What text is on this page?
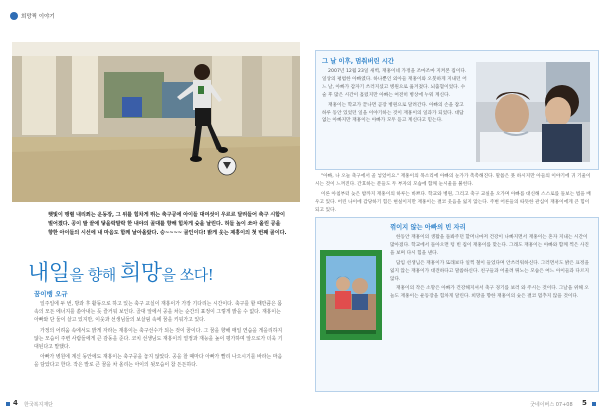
희망찍 이야기
햇빛이 맹렬 내리쬐는 운동장, 그 위를 힘차게 뛰는 축구공에 아이들 대여섯이 우르르 달려들어 축구 시합이
벌어졌다. 공이 발 끝에 닿을락말락 한 내야의 골대를 향해 힘차게 슛을 날린다. 허들 높이 쏘아 올린 공을
향한 아이들의 시선에 내 마음도 함께 날아올랐다. 승~~~~ 골인이다! 밝게 웃는 제홍이의 첫 번째 골이다.
내일을 향해 희망을 쏘다!
꿈이뱅 오규

일주일에 두 번, 방과 후 활동으로 하고 있는 축구 교실이 재홍이가 가장 기다리는 시간이다. 축구를 할 때만큼은 몸 속의 모든 에너지를 쏟아내는 듯 즐거워 보인다. 골대 앞에서 공을 차는 순간의 표정이 그렇게 밝을 수 없다. 재홍이는 아빠와 단 둘이 살고 있지만, 이웃과 선생님들의 보살핌 속에 꿈을 키워가고 있다.

가정의 어려움 속에서도 밝게 자라는 재홍이는 축구선수가 되는 것이 꿈이다. 그 꿈을 향해 매일 연습을 게을리하지 않는 모습이 주변 사람들에게 큰 감동을 준다. 코치 선생님도 재홍이의 열정과 재능을 높이 평가하며 앞으로가 더욱 기대된다고 말했다.

아빠가 병원에 계신 동안에도 재홍이는 축구공을 놓지 않았다. 공을 찰 때마다 아빠가 빨리 나으시기를 바라는 마음을 담았다고 한다. 작은 발로 큰 꿈을 차 올리는 아이의 뒷모습이 참 든든하다.

4 한국복지재단
그 날 이후, 멈춰버린 시간

2007년 12월 23일 새벽, 재홍이네 가정을 조마조마 지켜본 집이다. 일상의 평범한 아빠였다. 하나뿐인 외아들 재홍이와 오붓하게 지내던 어느 날, 아빠가 갑자기 쓰러지셨고 병원으로 옮겨졌다. 뇌출혈이었다. 수술 후 많은 시간이 흘렀지만 아빠는 여전히 병상에 누워 계신다.

재홍이는 학교가 끝나면 곧장 병원으로 달려간다. 아빠의 손을 잡고 하루 동안 있었던 일을 이야기하는 것이 재홍이의 일과가 되었다. 대답 없는 아빠지만 재홍이는 아빠가 모두 듣고 계신다고 믿는다.

"아빠, 나 오늘 축구에서 골 넣었어요." 재홍이의 목소리에 아빠의 눈가가 촉촉해진다. 말씀은 못 하시지만 아들의 이야기에 귀 기울이시는 것이 느껴진다. 간호하는 분들도 두 부자의 모습에 함께 눈시울을 붉힌다.

이른 아침부터 늦은 밤까지 재홍이의 하루는 바쁘다. 학교와 병원, 그리고 축구 교실을 오가며 아빠를 대신해 스스로를 돌보는 법을 배우고 있다. 어린 나이에 감당하기 힘든 현실이지만 재홍이는 결코 웃음을 잃지 않는다. 주변 어른들의 따뜻한 관심이 재홍이에게 큰 힘이 되고 있다.

꺾이지 않는 아빠의 빈 자리

한동안 재홍이의 생활을 돌봐주던 할머니마저 건강이 나빠지면서 재홍이는 혼자 지내는 시간이 많아졌다. 학교에서 돌아오면 텅 빈 집이 재홍이를 맞는다. 그래도 재홍이는 아빠와 함께 찍은 사진을 보며 다시 힘을 낸다.

담임 선생님은 재홍이가 또래보다 일찍 철이 들었다며 안쓰러워하신다. 그러면서도 밝은 표정을 잃지 않는 재홍이가 대견하다고 말씀하신다. 친구들과 어울려 뛰노는 모습은 여느 아이들과 다르지 않다.

재홍이의 작은 소망은 아빠가 건강해지셔서 축구 경기를 보러 와 주시는 것이다. 그날을 위해 오늘도 재홍이는 운동장을 힘차게 달린다. 희망을 향한 재홍이의 슛은 결코 멈추지 않을 것이다.

굿네이버스 07+08 5
